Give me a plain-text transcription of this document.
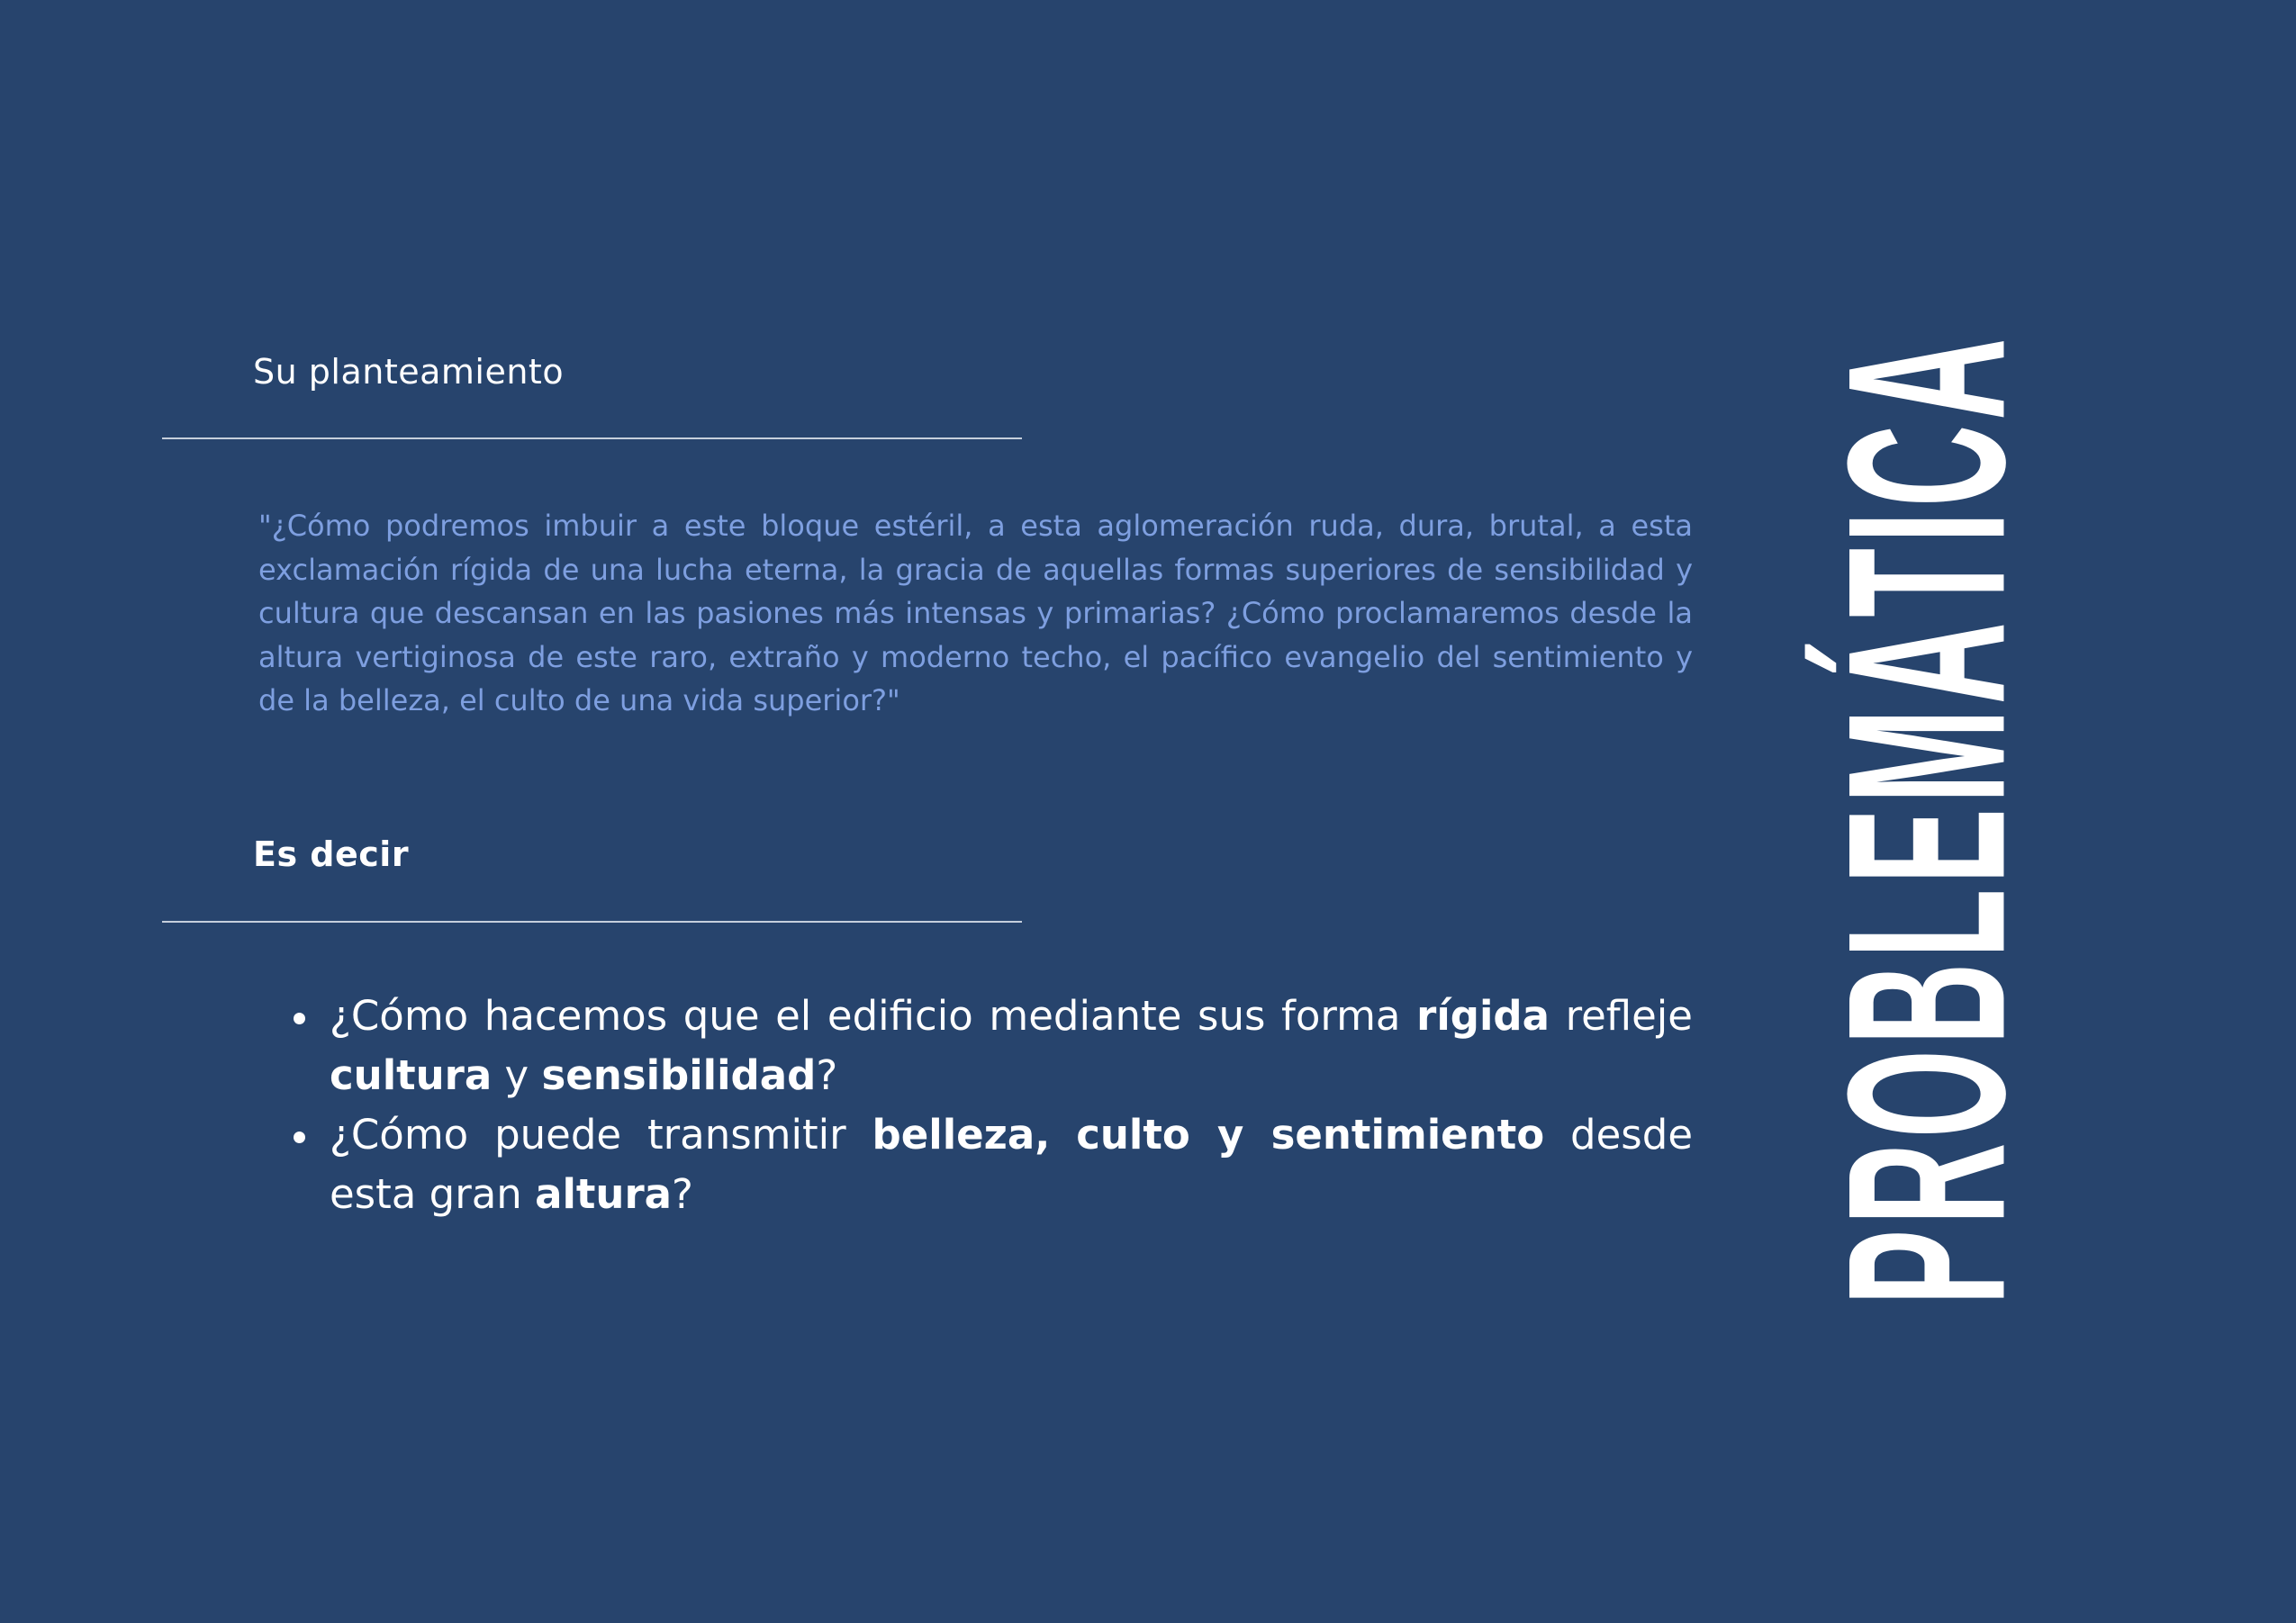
Su planteamiento

"¿Cómo podremos imbuir a este bloque estéril, a esta aglomeración ruda, dura, brutal, a esta exclamación rígida de una lucha eterna, la gracia de aquellas formas superiores de sensibilidad y cultura que descansan en las pasiones más intensas y primarias? ¿Cómo proclamaremos desde la altura vertiginosa de este raro, extraño y moderno techo, el pacífico evangelio del sentimiento y de la belleza, el culto de una vida superior?"

Es decir
¿Cómo hacemos que el edificio mediante sus forma rígida refleje cultura y sensibilidad?
¿Cómo puede transmitir belleza, culto y sentimiento desde esta gran altura?	PROBLEMÁTICA
